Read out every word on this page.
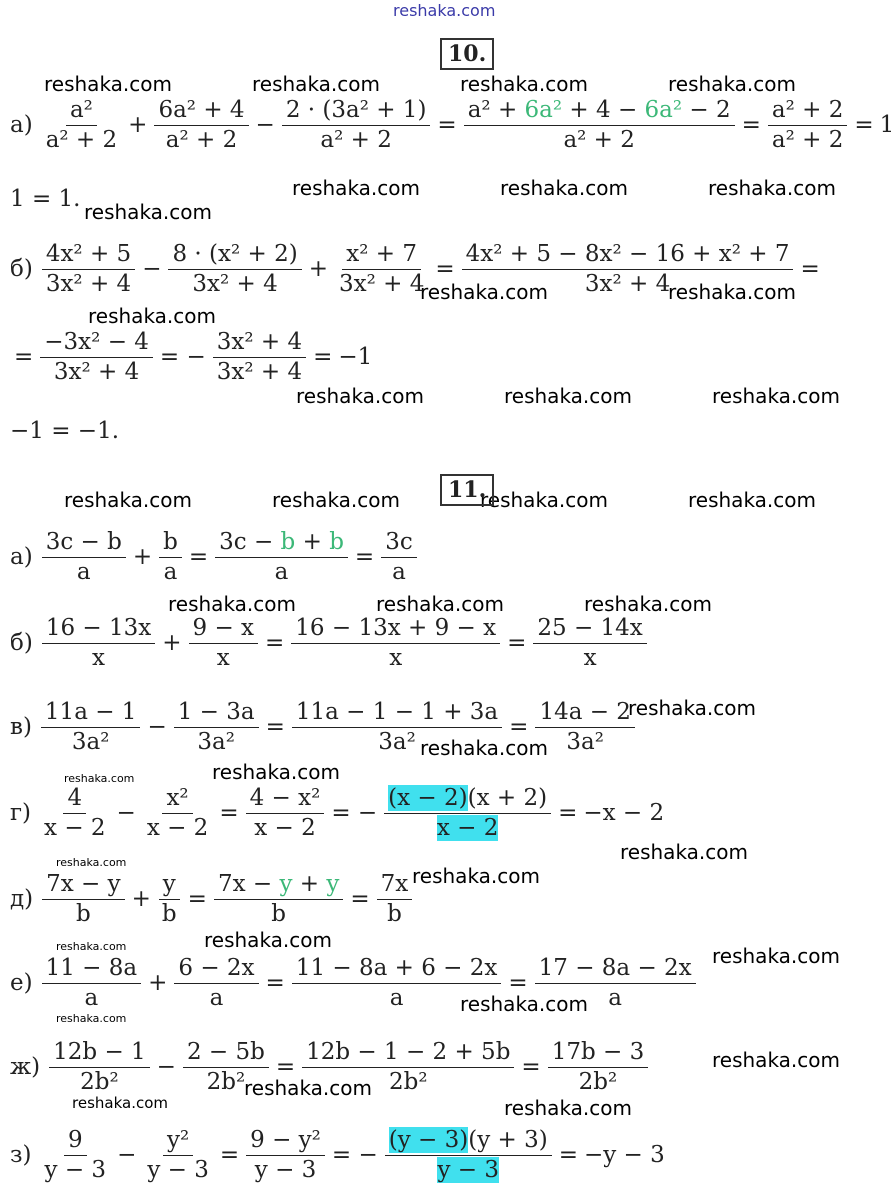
reshaka.com
reshaka.com	reshaka.com	reshaka.com	reshaka.com
reshaka.com	reshaka.com	reshaka.com
reshaka.com
reshaka.com	reshaka.com
reshaka.com
reshaka.com	reshaka.com	reshaka.com
reshaka.com	reshaka.com	reshaka.com	reshaka.com
reshaka.com	reshaka.com	reshaka.com
reshaka.com
reshaka.com
reshaka.com
reshaka.com
reshaka.com
reshaka.com
reshaka.com
reshaka.com
reshaka.com	reshaka.com
reshaka.com
reshaka.com
reshaka.com
reshaka.com
reshaka.com	reshaka.com
10.
11.
$а) \frac{\text{a²}}{\text{a² + 2}} + \frac{\text{6a² + 4}}{\text{a² + 2}} - \frac{\text{2 · (3a² + 1)}}{\text{a² + 2}} = \frac{\text{a² + 6a² + 4 − 6a² − 2}}{\text{a² + 2}} = \frac{\text{a² + 2}}{\text{a² + 2}} = 1$
1 = 1.
$б) \frac{\text{4x² + 5}}{\text{3x² + 4}} - \frac{\text{8 · (x² + 2)}}{\text{3x² + 4}} + \frac{\text{x² + 7}}{\text{3x² + 4}} = \frac{\text{4x² + 5 − 8x² − 16 + x² + 7}}{\text{3x² + 4}}$ =
= $\frac{\text{−3x² − 4}}{\text{3x² + 4}}$ = − $\frac{\text{3x² + 4}}{\text{3x² + 4}} = -1$
−1 = −1.
$а) \frac{3c - b}{a} + \frac{b}{a} = \frac{3c - b + b}{a} = \frac{3c}{a}$
$б) \frac{16 - 13x}{x} + \frac{9 - x}{x} = \frac{16 - 13x + 9 - x}{x} = \frac{25 - 14x}{x}$
$в) \frac{11a - 1}{\text{3a²}} - \frac{1 - 3a}{\text{3a²}} = \frac{11a - 1 - 1 + 3a}{\text{3a²}} = \frac{14a - 2}{\text{3a²}}$
$г) \frac{4}{x - 2} - \frac{\text{x²}}{x - 2} = \frac{\text{4 − x²}}{x - 2}$ = − $\frac{(x - 2)(x + 2)}{x - 2} = -x - 2$
$д) \frac{7x - y}{b} + \frac{y}{b} = \frac{7x - y + y}{b} = \frac{7x}{b}$
$е) \frac{11 - 8a}{a} + \frac{6 - 2x}{a} = \frac{11 - 8a + 6 - 2x}{a} = \frac{17 - 8a - 2x}{a}$
$ж) \frac{12b - 1}{\text{2b²}} - \frac{2 - 5b}{\text{2b²}} = \frac{12b - 1 - 2 + 5b}{\text{2b²}} = \frac{17b - 3}{\text{2b²}}$
$з) \frac{9}{y - 3} - \frac{\text{y²}}{y - 3} = \frac{\text{9 − y²}}{y - 3}$ = − $\frac{(y - 3)(y + 3)}{y - 3} = -y - 3$
